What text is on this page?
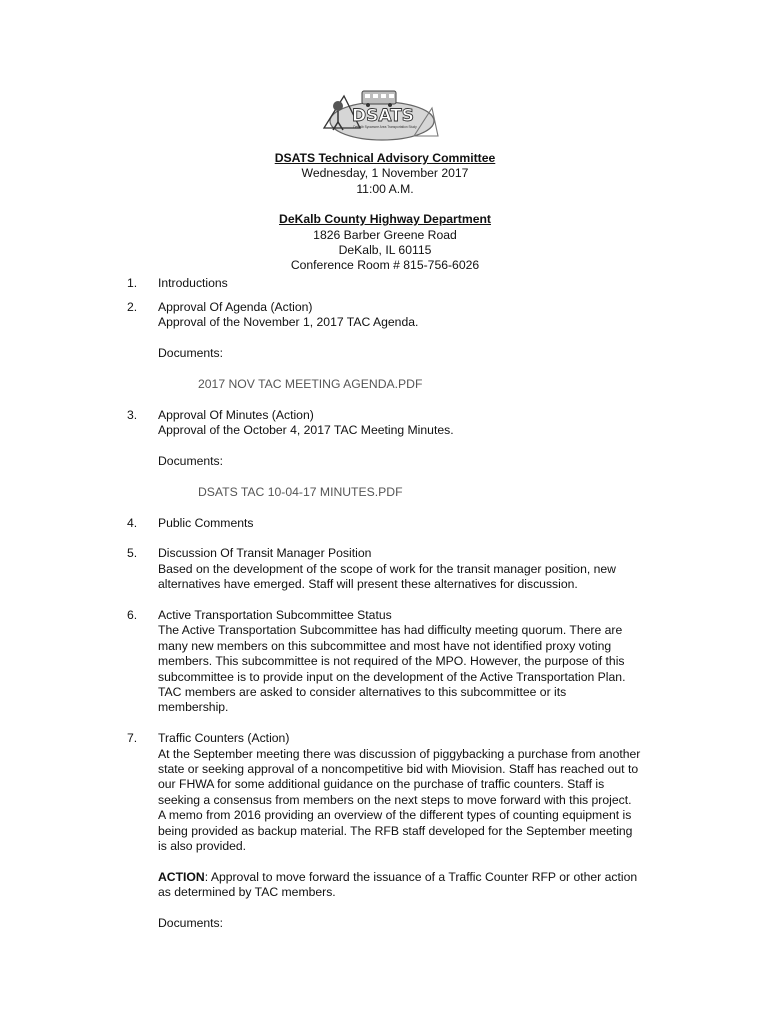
DSATS
DeKalb Sycamore Area Transportation Study
DSATS Technical Advisory Committee
Wednesday, 1 November 2017
11:00 A.M.
DeKalb County Highway Department
1826 Barber Greene Road
DeKalb, IL 60115
Conference Room # 815-756-6026
1. Introductions

2. Approval Of Agenda (Action)

Approval of the November 1, 2017 TAC Agenda.

Documents:

2017 NOV TAC MEETING AGENDA.PDF

3. Approval Of Minutes (Action)

Approval of the October 4, 2017 TAC Meeting Minutes.

Documents:

DSATS TAC 10-04-17 MINUTES.PDF

4. Public Comments

5. Discussion Of Transit Manager Position

Based on the development of the scope of work for the transit manager position, new

alternatives have emerged. Staff will present these alternatives for discussion.

6. Active Transportation Subcommittee Status

The Active Transportation Subcommittee has had difficulty meeting quorum. There are

many new members on this subcommittee and most have not identified proxy voting

members. This subcommittee is not required of the MPO. However, the purpose of this

subcommittee is to provide input on the development of the Active Transportation Plan.

TAC members are asked to consider alternatives to this subcommittee or its

membership.

7. Traffic Counters (Action)

At the September meeting there was discussion of piggybacking a purchase from another

state or seeking approval of a noncompetitive bid with Miovision. Staff has reached out to

our FHWA for some additional guidance on the purchase of traffic counters. Staff is

seeking a consensus from members on the next steps to move forward with this project.

A memo from 2016 providing an overview of the different types of counting equipment is

being provided as backup material. The RFB staff developed for the September meeting

is also provided.

ACTION: Approval to move forward the issuance of a Traffic Counter RFP or other action

as determined by TAC members.

Documents:
